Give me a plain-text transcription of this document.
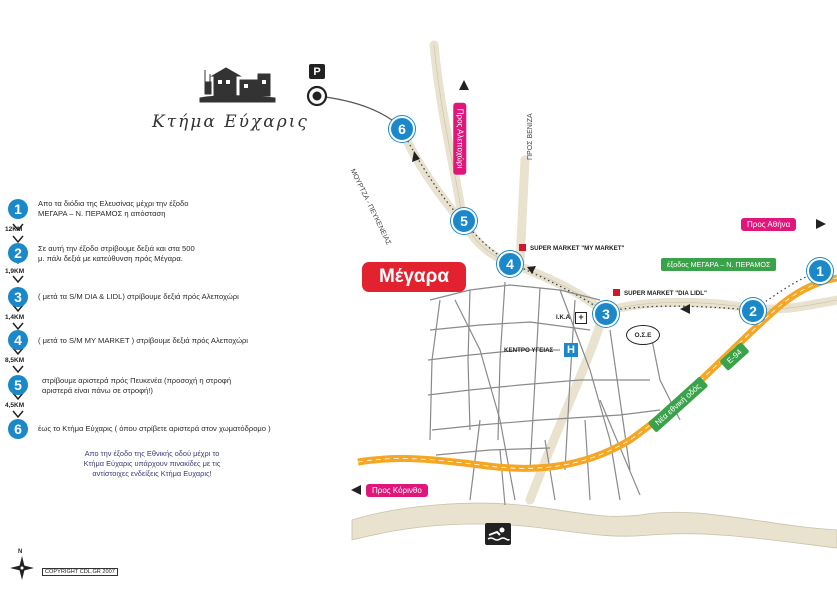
Κτήμα Εύχαρις
P
1	Απο τα διόδια της Ελευσίνας μέχρι την έξοδο
ΜΕΓΑΡΑ – Ν. ΠΕΡΑΜΟΣ η απόσταση
12KM
2	Σε αυτή την έξοδο στρίβουμε δεξιά και στα 500
μ. πάλι δεξιά με κατεύθυνση πρός Μέγαρα.
1,9KM
3	( μετά τα S/M DIA & LIDL) στρίβουμε δεξιά πρός Αλεποχώρι
1,4KM
4	( μετά το S/M MY MARKET ) στρίβουμε δεξιά πρός Αλεποχώρι
8,5KM
5	στρίβουμε αριστερά πρός Πευκενέα (προσοχή η στροφή
αριστερά είναι πάνω σε στροφή!)
4,5KM
6	έως το Κτήμα Εύχαρις ( όπου στρίβετε αριστερά στον χωματόδρομο )
Απο την έξοδο της Εθνικής οδού μέχρι το
Κτήμα Εύχαρις υπάρχουν πινακίδες με τις
αντίστοιχες ενδείξεις Κτήμα Ευχαρις!
N
COPYRIGHT CDL.GR 2007
Μέγαρα
Προς Αθήνα
Προς Κόρινθο
Προς Αλεποχώρι
έξοδος ΜΕΓΑΡΑ – Ν. ΠΕΡΑΜΟΣ
Νέα εθνική οδός
Ε-94
SUPER MARKET "MY MARKET"
SUPER MARKET "DIA LIDL"
Ι.Κ.Α +
ΚΕΝΤΡΟ ΥΓΕΙΑΣ H
Ο.Σ.Ε
ΜΟΥΡΤΖΑ - ΠΕΥΚΕΝΕΙΑΣ
ΠΡΟΣ ΒΕΝΙΖΑ
1
2
3
4
5
6
